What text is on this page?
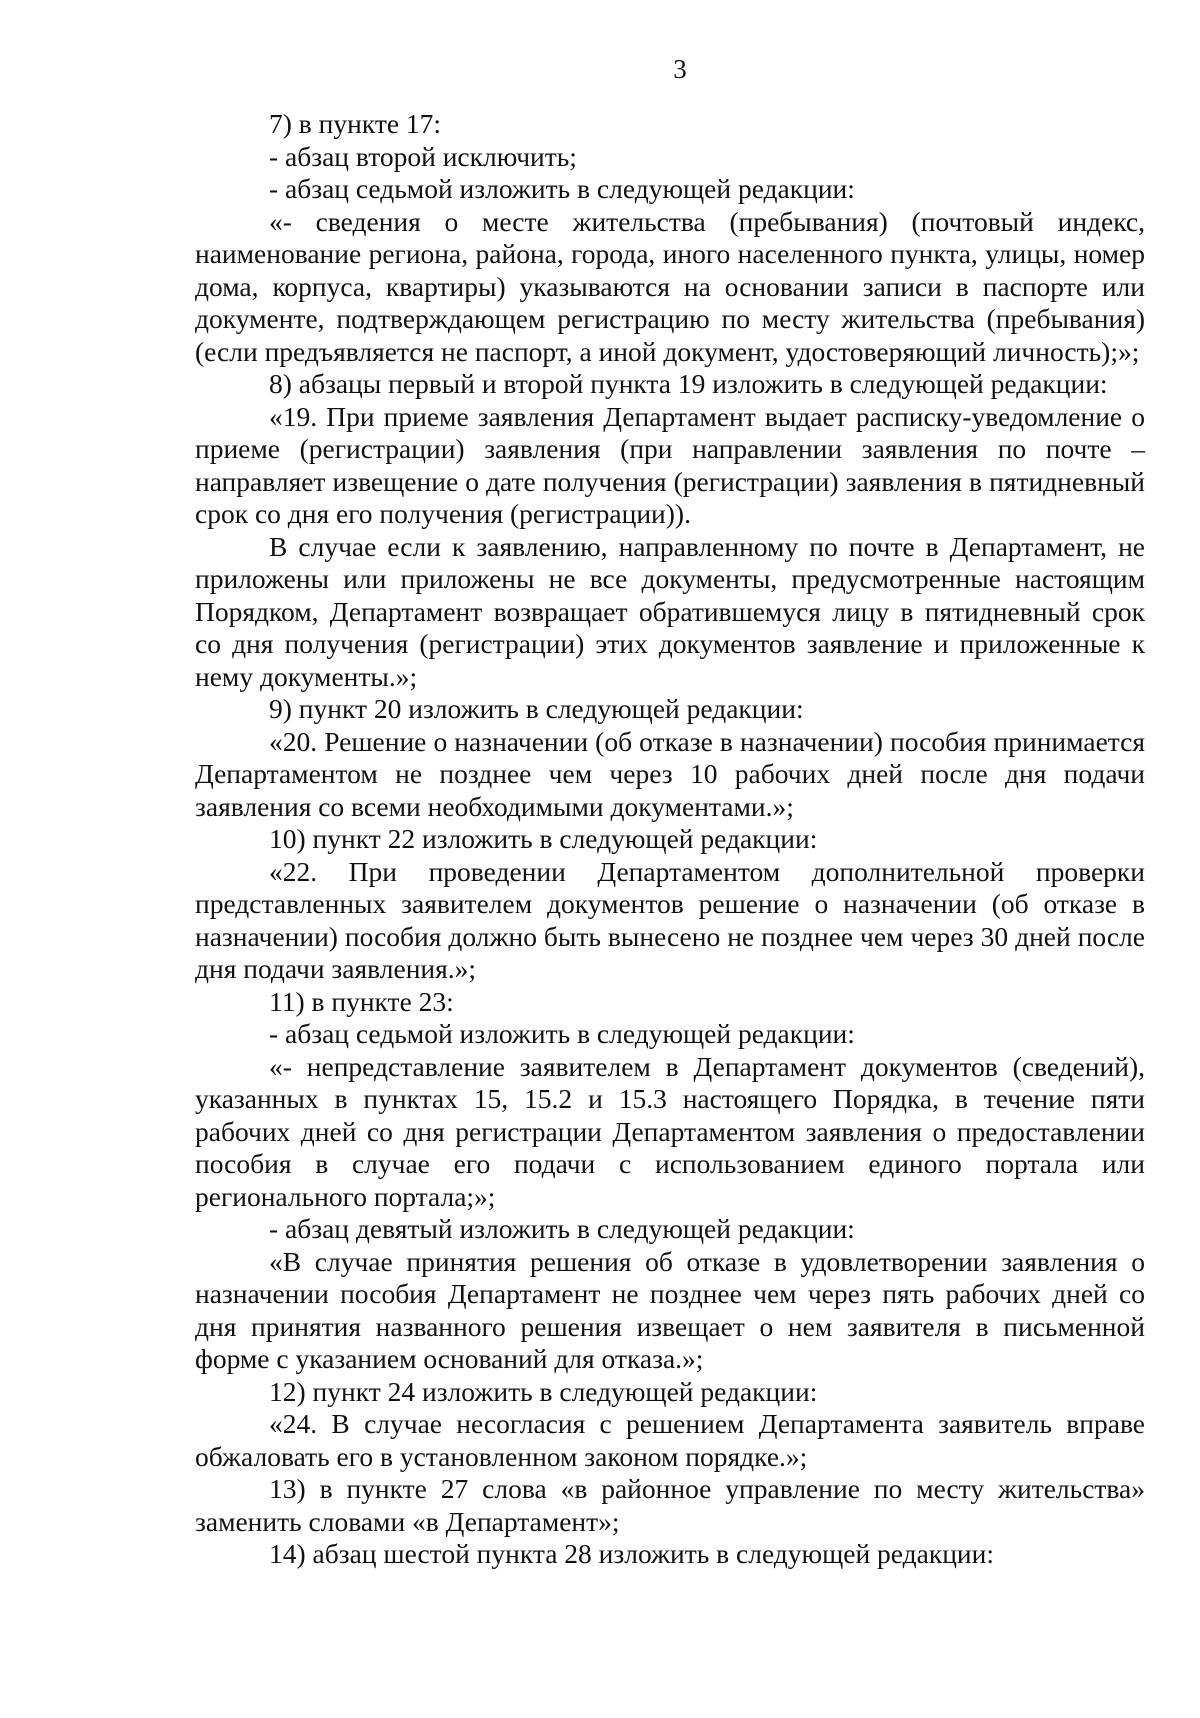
3

7) в пункте 17:

- абзац второй исключить;

- абзац седьмой изложить в следующей редакции:

«- сведения о месте жительства (пребывания) (почтовый индекс, наименование региона, района, города, иного населенного пункта, улицы, номер дома, корпуса, квартиры) указываются на основании записи в паспорте или документе, подтверждающем регистрацию по месту жительства (пребывания) (если предъявляется не паспорт, а иной документ, удостоверяющий личность);»;

8) абзацы первый и второй пункта 19 изложить в следующей редакции:

«19. При приеме заявления Департамент выдает расписку-уведомление о приеме (регистрации) заявления (при направлении заявления по почте – направляет извещение о дате получения (регистрации) заявления в пятидневный срок со дня его получения (регистрации)).

В случае если к заявлению, направленному по почте в Департамент, не приложены или приложены не все документы, предусмотренные настоящим Порядком, Департамент возвращает обратившемуся лицу в пятидневный срок со дня получения (регистрации) этих документов заявление и приложенные к нему документы.»;

9) пункт 20 изложить в следующей редакции:

«20. Решение о назначении (об отказе в назначении) пособия принимается Департаментом не позднее чем через 10 рабочих дней после дня подачи заявления со всеми необходимыми документами.»;

10) пункт 22 изложить в следующей редакции:

«22. При проведении Департаментом дополнительной проверки представленных заявителем документов решение о назначении (об отказе в назначении) пособия должно быть вынесено не позднее чем через 30 дней после дня подачи заявления.»;

11) в пункте 23:

- абзац седьмой изложить в следующей редакции:

«- непредставление заявителем в Департамент документов (сведений), указанных в пунктах 15, 15.2 и 15.3 настоящего Порядка, в течение пяти рабочих дней со дня регистрации Департаментом заявления о предоставлении пособия в случае его подачи с использованием единого портала или регионального портала;»;

- абзац девятый изложить в следующей редакции:

«В случае принятия решения об отказе в удовлетворении заявления о назначении пособия Департамент не позднее чем через пять рабочих дней со дня принятия названного решения извещает о нем заявителя в письменной форме с указанием оснований для отказа.»;

12) пункт 24 изложить в следующей редакции:

«24. В случае несогласия с решением Департамента заявитель вправе обжаловать его в установленном законом порядке.»;

13) в пункте 27 слова «в районное управление по месту жительства» заменить словами «в Департамент»;

14) абзац шестой пункта 28 изложить в следующей редакции:
